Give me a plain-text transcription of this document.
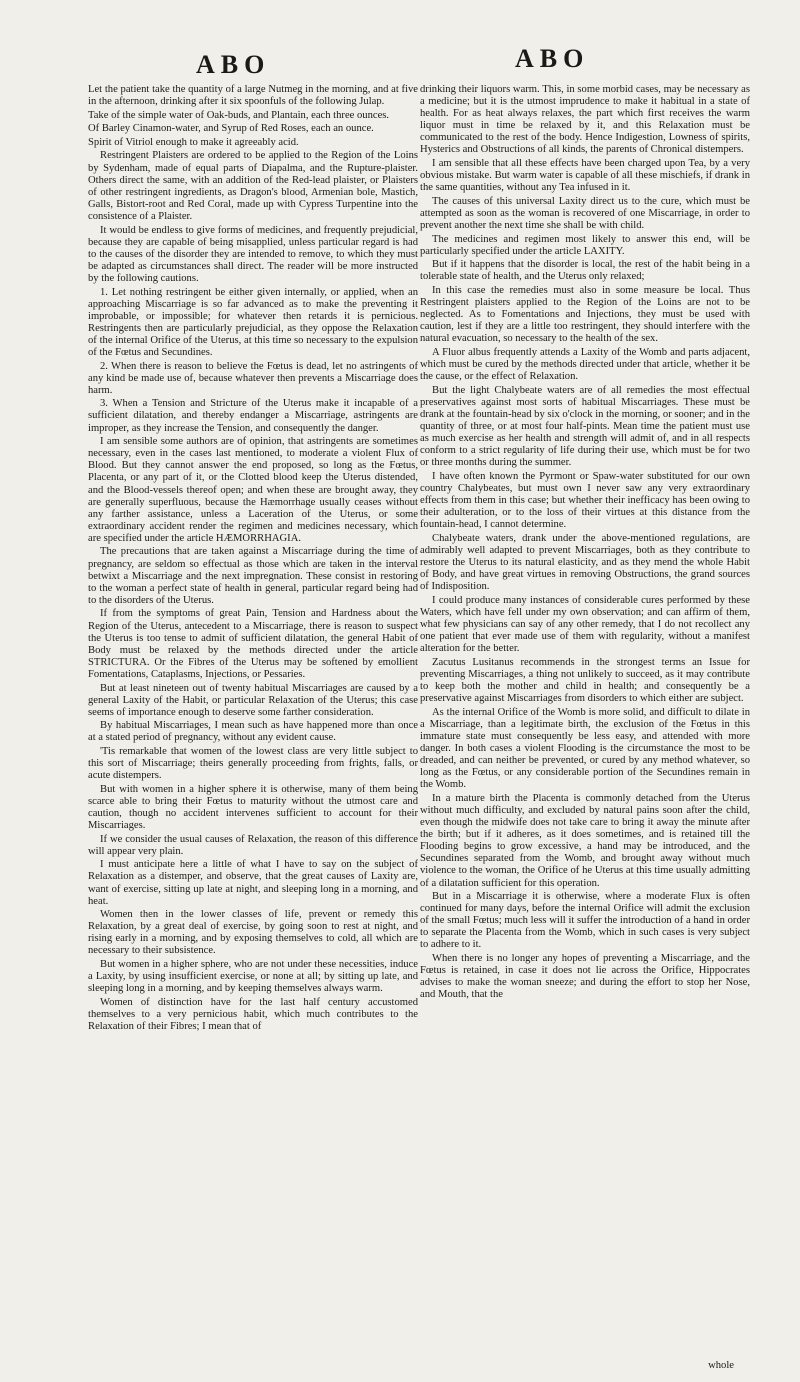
ABO	ABO

Let the patient take the quantity of a large Nutmeg in the morning, and at five in the afternoon, drinking after it six spoonfuls of the following Julap.

Take of the simple water of Oak-buds, and Plantain, each three ounces.

Of Barley Cinamon-water, and Syrup of Red Roses, each an ounce.

Spirit of Vitriol enough to make it agreeably acid.

Restringent Plaisters are ordered to be applied to the Region of the Loins by Sydenham, made of equal parts of Diapalma, and the Rupture-plaister. Others direct the same, with an addition of the Red-lead plaister, or Plaisters of other restringent ingredients, as Dragon's blood, Armenian bole, Mastich, Galls, Bistort-root and Red Coral, made up with Cypress Turpentine into the consistence of a Plaister.

It would be endless to give forms of medicines, and frequently prejudicial, because they are capable of being misapplied, unless particular regard is had to the causes of the disorder they are intended to remove, to which they must be adapted as circumstances shall direct. The reader will be more instructed by the following cautions.

1. Let nothing restringent be either given internally, or applied, when an approaching Miscarriage is so far advanced as to make the preventing it improbable, or impossible; for whatever then retards it is pernicious. Restringents then are particularly prejudicial, as they oppose the Relaxation of the internal Orifice of the Uterus, at this time so necessary to the expulsion of the Fœtus and Secundines.

2. When there is reason to believe the Fœtus is dead, let no astringents of any kind be made use of, because whatever then prevents a Miscarriage does harm.

3. When a Tension and Stricture of the Uterus make it incapable of a sufficient dilatation, and thereby endanger a Miscarriage, astringents are improper, as they increase the Tension, and consequently the danger.

I am sensible some authors are of opinion, that astringents are sometimes necessary, even in the cases last mentioned, to moderate a violent Flux of Blood. But they cannot answer the end proposed, so long as the Fœtus, Placenta, or any part of it, or the Clotted blood keep the Uterus distended, and the Blood-vessels thereof open; and when these are brought away, they are generally superfluous, because the Hæmorrhage usually ceases without any farther assistance, unless a Laceration of the Uterus, or some extraordinary accident render the regimen and medicines necessary, which are specified under the article HÆMORRHAGIA.

The precautions that are taken against a Miscarriage during the time of pregnancy, are seldom so effectual as those which are taken in the interval betwixt a Miscarriage and the next impregnation. These consist in restoring to the woman a perfect state of health in general, particular regard being had to the disorders of the Uterus.

If from the symptoms of great Pain, Tension and Hardness about the Region of the Uterus, antecedent to a Miscarriage, there is reason to suspect the Uterus is too tense to admit of sufficient dilatation, the general Habit of Body must be relaxed by the methods directed under the article STRICTURA. Or the Fibres of the Uterus may be softened by emollient Fomentations, Cataplasms, Injections, or Pessaries.

But at least nineteen out of twenty habitual Miscarriages are caused by a general Laxity of the Habit, or particular Relaxation of the Uterus; this case seems of importance enough to deserve some farther consideration.

By habitual Miscarriages, I mean such as have happened more than once at a stated period of pregnancy, without any evident cause.

'Tis remarkable that women of the lowest class are very little subject to this sort of Miscarriage; theirs generally proceeding from frights, falls, or acute distempers.

But with women in a higher sphere it is otherwise, many of them being scarce able to bring their Fœtus to maturity without the utmost care and caution, though no accident intervenes sufficient to account for their Miscarriages.

If we consider the usual causes of Relaxation, the reason of this difference will appear very plain.

I must anticipate here a little of what I have to say on the subject of Relaxation as a distemper, and observe, that the great causes of Laxity are, want of exercise, sitting up late at night, and sleeping long in a morning, and heat.

Women then in the lower classes of life, prevent or remedy this Relaxation, by a great deal of exercise, by going soon to rest at night, and rising early in a morning, and by exposing themselves to cold, all which are necessary to their subsistence.

But women in a higher sphere, who are not under these necessities, induce a Laxity, by using insufficient exercise, or none at all; by sitting up late, and sleeping long in a morning, and by keeping themselves always warm.

Women of distinction have for the last half century accustomed themselves to a very pernicious habit, which much contributes to the Relaxation of their Fibres; I mean that of

drinking their liquors warm. This, in some morbid cases, may be necessary as a medicine; but it is the utmost imprudence to make it habitual in a state of health. For as heat always relaxes, the part which first receives the warm liquor must in time be relaxed by it, and this Relaxation must be communicated to the rest of the body. Hence Indigestion, Lowness of spirits, Hysterics and Obstructions of all kinds, the parents of Chronical distempers.

I am sensible that all these effects have been charged upon Tea, by a very obvious mistake. But warm water is capable of all these mischiefs, if drank in the same quantities, without any Tea infused in it.

The causes of this universal Laxity direct us to the cure, which must be attempted as soon as the woman is recovered of one Miscarriage, in order to prevent another the next time she shall be with child.

The medicines and regimen most likely to answer this end, will be particularly specified under the article LAXITY.

But if it happens that the disorder is local, the rest of the habit being in a tolerable state of health, and the Uterus only relaxed;

In this case the remedies must also in some measure be local. Thus Restringent plaisters applied to the Region of the Loins are not to be neglected. As to Fomentations and Injections, they must be used with caution, lest if they are a little too restringent, they should interfere with the natural evacuation, so necessary to the health of the sex.

A Fluor albus frequently attends a Laxity of the Womb and parts adjacent, which must be cured by the methods directed under that article, whether it be the cause, or the effect of Relaxation.

But the light Chalybeate waters are of all remedies the most effectual preservatives against most sorts of habitual Miscarriages. These must be drank at the fountain-head by six o'clock in the morning, or sooner; and in the quantity of three, or at most four half-pints. Mean time the patient must use as much exercise as her health and strength will admit of, and in all respects conform to a strict regularity of life during their use, which must be for two or three months during the summer.

I have often known the Pyrmont or Spaw-water substituted for our own country Chalybeates, but must own I never saw any very extraordinary effects from them in this case; but whether their inefficacy has been owing to their adulteration, or to the loss of their virtues at this distance from the fountain-head, I cannot determine.

Chalybeate waters, drank under the above-mentioned regulations, are admirably well adapted to prevent Miscarriages, both as they contribute to restore the Uterus to its natural elasticity, and as they mend the whole Habit of Body, and have great virtues in removing Obstructions, the grand sources of Indisposition.

I could produce many instances of considerable cures performed by these Waters, which have fell under my own observation; and can affirm of them, what few physicians can say of any other remedy, that I do not recollect any one patient that ever made use of them with regularity, without a manifest alteration for the better.

Zacutus Lusitanus recommends in the strongest terms an Issue for preventing Miscarriages, a thing not unlikely to succeed, as it may contribute to keep both the mother and child in health; and consequently be a preservative against Miscarriages from disorders to which either are subject.

As the internal Orifice of the Womb is more solid, and difficult to dilate in a Miscarriage, than a legitimate birth, the exclusion of the Fœtus in this immature state must consequently be less easy, and attended with more danger. In both cases a violent Flooding is the circumstance the most to be dreaded, and can neither be prevented, or cured by any method whatever, so long as the Fœtus, or any considerable portion of the Secundines remain in the Womb.

In a mature birth the Placenta is commonly detached from the Uterus without much difficulty, and excluded by natural pains soon after the child, even though the midwife does not take care to bring it away the minute after the birth; but if it adheres, as it does sometimes, and is retained till the Flooding begins to grow excessive, a hand may be introduced, and the Secundines separated from the Womb, and brought away without much violence to the woman, the Orifice of he Uterus at this time usually admitting of a dilatation sufficient for this operation.

But in a Miscarriage it is otherwise, where a moderate Flux is often continued for many days, before the internal Orifice will admit the exclusion of the small Fœtus; much less will it suffer the introduction of a hand in order to separate the Placenta from the Womb, which in such cases is very subject to adhere to it.

When there is no longer any hopes of preventing a Miscarriage, and the Fœtus is retained, in case it does not lie across the Orifice, Hippocrates advises to make the woman sneeze; and during the effort to stop her Nose, and Mouth, that the

whole
